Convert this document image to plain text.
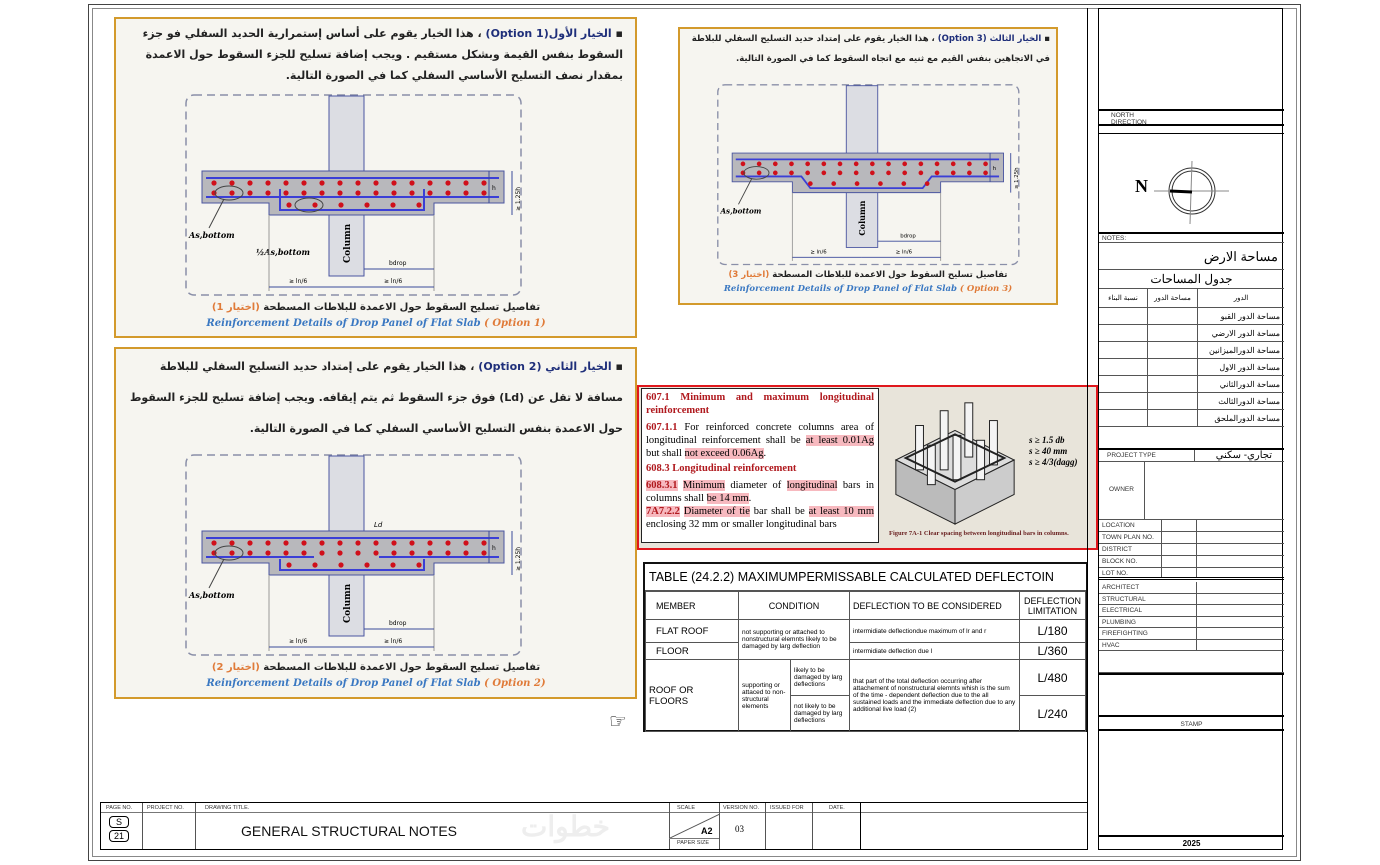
▪ الخيار الأول(Option 1) ، هذا الخيار يقوم على أساس إستمرارية الحديد السفلي فو جزء السقوط بنفس القيمة وبشكل مستقيم . ويجب إضافة تسليح للجزء السقوط حول الاعمدة بمقدار نصف التسليح الأساسي السفلي كما في الصورة التالية.
As,bottom
½As,bottom	Column
h	≥ 1.25h
≥ ln/6	≥ ln/6
bdrop
تفاصيل تسليح السقوط حول الاعمدة للبلاطات المسطحة (اختيار 1)
Reinforcement Details of Drop Panel of Flat Slab ( Option 1)
▪ الخيار الثاني (Option 2) ، هذا الخيار يقوم على إمتداد حديد التسليح السفلي للبلاطة مسافة لا تقل عن (Ld) فوق جزء السقوط ثم يتم إيقافه. ويجب إضافة تسليح للجزء السقوط حول الاعمدة بنفس التسليح الأساسي السفلي كما في الصورة التالية.
As,bottom
Ld
Column
h	≥ 1.25h
≥ ln/6	≥ ln/6
bdrop
تفاصيل تسليح السقوط حول الاعمدة للبلاطات المسطحة (اختيار 2)
Reinforcement Details of Drop Panel of Flat Slab ( Option 2)
▪ الخيار الثالث (Option 3) ، هذا الخيار يقوم على إمتداد حديد التسليح السفلي للبلاطة في الاتجاهين بنفس القيم مع ثنيه مع اتجاه السقوط كما في الصورة التالية.
As,bottom	Column
h	≥ 1.25h
≥ ln/6	≥ ln/6
bdrop
تفاصيل تسليح السقوط حول الاعمدة للبلاطات المسطحة (اختيار 3)
Reinforcement Details of Drop Panel of Flat Slab ( Option 3)
607.1 Minimum and maximum longitudinal reinforcement
607.1.1 For reinforced concrete columns area of longitudinal reinforcement shall be at least 0.01Ag but shall not exceed 0.06Ag.
608.3 Longitudinal reinforcement
608.3.1 Minimum diameter of longitudinal bars in columns shall be 14 mm.
7A7.2.2 Diameter of tie bar shall be at least 10 mm enclosing 32 mm or smaller longitudinal bars
s ≥ 1.5 db
s ≥ 40 mm
s ≥ 4/3(dagg)
Figure 7A-1 Clear spacing between longitudinal bars in columns.
TABLE (24.2.2) MAXIMUMPERMISSABLE CALCULATED DEFLECTOIN
MEMBER	CONDITION		DEFLECTION TO BE CONSIDERED	DEFLECTION LIMITATION
FLAT ROOF	not supporting or attached to nonstructural elemnts likely to be damaged by larg deflection		intermidiate deflectiondue maximum of lr and r	L/180
FLOOR			intermidiate deflection due l	L/360
ROOF OR FLOORS	supporting or attaced to non-structural elements	likely to be damaged by larg deflections	that part of the total deflection occurring after attachement of nonstructural elemnts whish is the sum of the time - dependent deflection due to the all sustained loads and the immediate deflection due to any additional live load (2)	L/480
		not likely to be damaged by larg deflections		L/240
☞
NORTH DIRECTION
N
NOTES:
مساحة الارض
جدول المساحات
نسبة البناء	مساحة الدور	الدور
مساحة الدور القبو
مساحة الدور الارضي
مساحة الدورالميزانين
مساحة الدور الاول
مساحة الدورالثاني
مساحة الدورالثالث
مساحة الدورالملحق
PROJECT TYPE	تجاري- سكني
OWNER
LOCATION
TOWN PLAN NO.
DISTRICT
BLOCK NO.
LOT NO.
ARCHITECT
STRUCTURAL
ELECTRICAL
PLUMBING
FIREFIGHTING
HVAC
STAMP
2025
PAGE NO.	PROJECT NO.	DRAWING TITLE.
S
21	GENERAL STRUCTURAL NOTES خطوات
SCALE
A2
PAPER SIZE
VERSION NO.
03
ISSUED FOR	DATE.
